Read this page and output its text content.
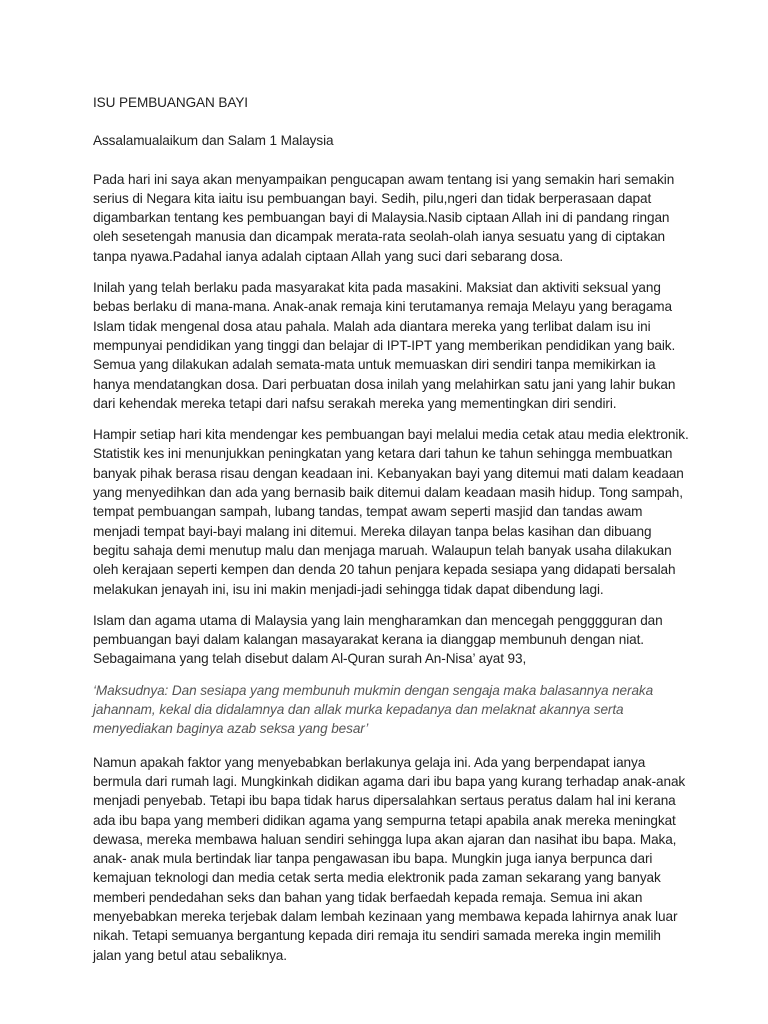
ISU PEMBUANGAN BAYI

Assalamualaikum dan Salam 1 Malaysia

Pada hari ini saya akan menyampaikan pengucapan awam tentang isi yang semakin hari semakin
serius di Negara kita iaitu isu pembuangan bayi. Sedih, pilu,ngeri dan tidak berperasaan dapat
digambarkan tentang kes pembuangan bayi di Malaysia.Nasib ciptaan Allah ini di pandang ringan
oleh sesetengah manusia dan dicampak merata-rata seolah-olah ianya sesuatu yang di ciptakan
tanpa nyawa.Padahal ianya adalah ciptaan Allah yang suci dari sebarang dosa.

Inilah yang telah berlaku pada masyarakat kita pada masakini. Maksiat dan aktiviti seksual yang
bebas berlaku di mana-mana. Anak-anak remaja kini terutamanya remaja Melayu yang beragama
Islam tidak mengenal dosa atau pahala. Malah ada diantara mereka yang terlibat dalam isu ini
mempunyai pendidikan yang tinggi dan belajar di IPT-IPT yang memberikan pendidikan yang baik.
Semua yang dilakukan adalah semata-mata untuk memuaskan diri sendiri tanpa memikirkan ia
hanya mendatangkan dosa. Dari perbuatan dosa inilah yang melahirkan satu jani yang lahir bukan
dari kehendak mereka tetapi dari nafsu serakah mereka yang mementingkan diri sendiri.

Hampir setiap hari kita mendengar kes pembuangan bayi melalui media cetak atau media elektronik.
Statistik kes ini menunjukkan peningkatan yang ketara dari tahun ke tahun sehingga membuatkan
banyak pihak berasa risau dengan keadaan ini. Kebanyakan bayi yang ditemui mati dalam keadaan
yang menyedihkan dan ada yang bernasib baik ditemui dalam keadaan masih hidup. Tong sampah,
tempat pembuangan sampah, lubang tandas, tempat awam seperti masjid dan tandas awam
menjadi tempat bayi-bayi malang ini ditemui. Mereka dilayan tanpa belas kasihan dan dibuang
begitu sahaja demi menutup malu dan menjaga maruah. Walaupun telah banyak usaha dilakukan
oleh kerajaan seperti kempen dan denda 20 tahun penjara kepada sesiapa yang didapati bersalah
melakukan jenayah ini, isu ini makin menjadi-jadi sehingga tidak dapat dibendung lagi.

Islam dan agama utama di Malaysia yang lain mengharamkan dan mencegah pengggguran dan
pembuangan bayi dalam kalangan masayarakat kerana ia dianggap membunuh dengan niat.
Sebagaimana yang telah disebut dalam Al-Quran surah An-Nisa’ ayat 93,

‘Maksudnya: Dan sesiapa yang membunuh mukmin dengan sengaja maka balasannya neraka
jahannam, kekal dia didalamnya dan allak murka kepadanya dan melaknat akannya serta
menyediakan baginya azab seksa yang besar’

Namun apakah faktor yang menyebabkan berlakunya gelaja ini. Ada yang berpendapat ianya
bermula dari rumah lagi. Mungkinkah didikan agama dari ibu bapa yang kurang terhadap anak-anak
menjadi penyebab. Tetapi ibu bapa tidak harus dipersalahkan sertaus peratus dalam hal ini kerana
ada ibu bapa yang memberi didikan agama yang sempurna tetapi apabila anak mereka meningkat
dewasa, mereka membawa haluan sendiri sehingga lupa akan ajaran dan nasihat ibu bapa. Maka,
anak- anak mula bertindak liar tanpa pengawasan ibu bapa. Mungkin juga ianya berpunca dari
kemajuan teknologi dan media cetak serta media elektronik pada zaman sekarang yang banyak
memberi pendedahan seks dan bahan yang tidak berfaedah kepada remaja. Semua ini akan
menyebabkan mereka terjebak dalam lembah kezinaan yang membawa kepada lahirnya anak luar
nikah. Tetapi semuanya bergantung kepada diri remaja itu sendiri samada mereka ingin memilih
jalan yang betul atau sebaliknya.
